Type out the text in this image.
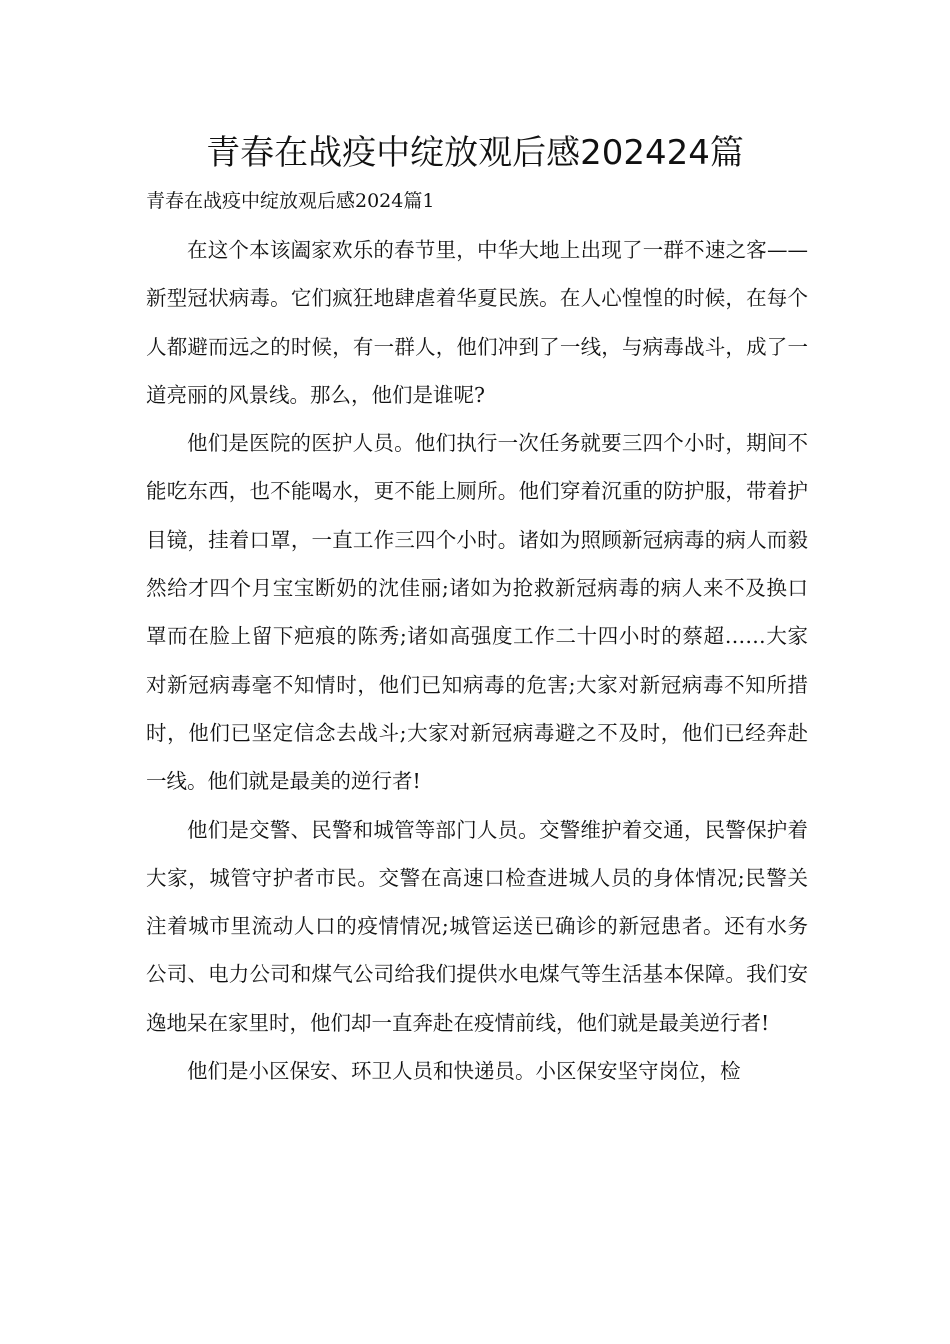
青春在战疫中绽放观后感202424篇
青春在战疫中绽放观后感2024篇1

在这个本该阖家欢乐的春节里，中华大地上出现了一群不速之客——新型冠状病毒。它们疯狂地肆虐着华夏民族。在人心惶惶的时候，在每个人都避而远之的时候，有一群人，他们冲到了一线，与病毒战斗，成了一道亮丽的风景线。那么，他们是谁呢?

他们是医院的医护人员。他们执行一次任务就要三四个小时，期间不能吃东西，也不能喝水，更不能上厕所。他们穿着沉重的防护服，带着护目镜，挂着口罩，一直工作三四个小时。诸如为照顾新冠病毒的病人而毅然给才四个月宝宝断奶的沈佳丽;诸如为抢救新冠病毒的病人来不及换口罩而在脸上留下疤痕的陈秀;诸如高强度工作二十四小时的蔡超……大家对新冠病毒毫不知情时，他们已知病毒的危害;大家对新冠病毒不知所措时，他们已坚定信念去战斗;大家对新冠病毒避之不及时，他们已经奔赴一线。他们就是最美的逆行者!

他们是交警、民警和城管等部门人员。交警维护着交通，民警保护着大家，城管守护者市民。交警在高速口检查进城人员的身体情况;民警关注着城市里流动人口的疫情情况;城管运送已确诊的新冠患者。还有水务公司、电力公司和煤气公司给我们提供水电煤气等生活基本保障。我们安逸地呆在家里时，他们却一直奔赴在疫情前线，他们就是最美逆行者!

他们是小区保安、环卫人员和快递员。小区保安坚守岗位，检
